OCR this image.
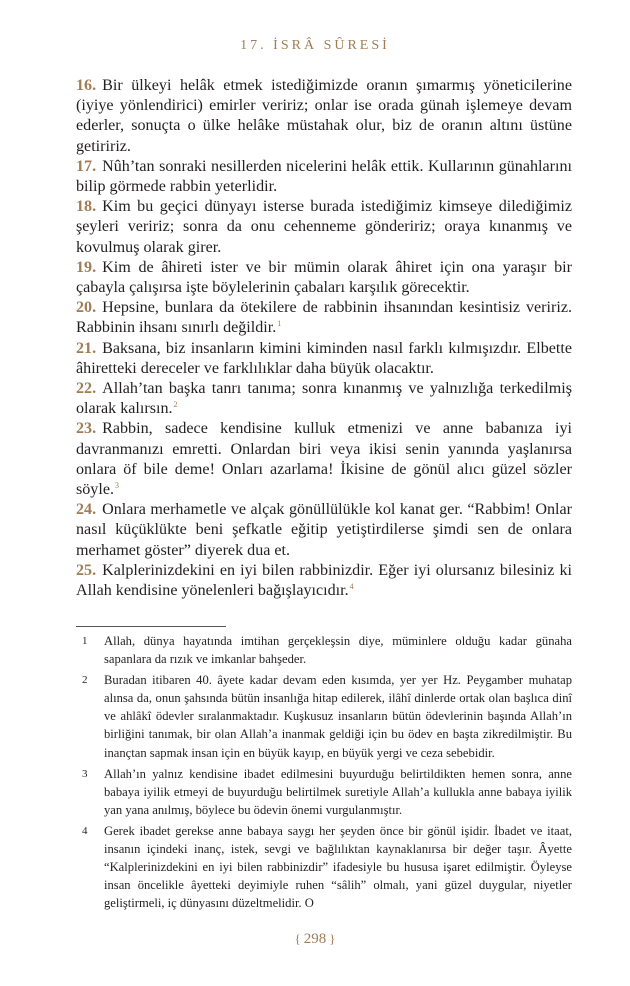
17. İSRÂ SÛRESİ
16. Bir ülkeyi helâk etmek istediğimizde oranın şımarmış yöneticilerine (iyiye yönlendirici) emirler veririz; onlar ise orada günah işlemeye devam ederler, sonuçta o ülke helâke müstahak olur, biz de oranın altını üstüne getiririz.
17. Nûh’tan sonraki nesillerden nicelerini helâk ettik. Kullarının günahlarını bilip görmede rabbin yeterlidir.
18. Kim bu geçici dünyayı isterse burada istediğimiz kimseye dilediğimiz şeyleri veririz; sonra da onu cehenneme göndeririz; oraya kınanmış ve kovulmuş olarak girer.
19. Kim de âhireti ister ve bir mümin olarak âhiret için ona yaraşır bir çabayla çalışırsa işte böylelerinin çabaları karşılık görecektir.
20. Hepsine, bunlara da ötekilere de rabbinin ihsanından kesintisiz veririz. Rabbinin ihsanı sınırlı değildir.$^1$
21. Baksana, biz insanların kimini kiminden nasıl farklı kılmışızdır. Elbette âhiretteki dereceler ve farklılıklar daha büyük olacaktır.
22. Allah’tan başka tanrı tanıma; sonra kınanmış ve yalnızlığa terkedilmiş olarak kalırsın.$^2$
23. Rabbin, sadece kendisine kulluk etmenizi ve anne babanıza iyi davranmanızı emretti. Onlardan biri veya ikisi senin yanında yaşlanırsa onlara öf bile deme! Onları azarlama! İkisine de gönül alıcı güzel sözler söyle.$^3$
24. Onlara merhametle ve alçak gönüllülükle kol kanat ger. “Rabbim! Onlar nasıl küçüklükte beni şefkatle eğitip yetiştirdilerse şimdi sen de onlara merhamet göster” diyerek dua et.
25. Kalplerinizdekini en iyi bilen rabbinizdir. Eğer iyi olursanız bilesiniz ki Allah kendisine yönelenleri bağışlayıcıdır.$^4$
1	Allah, dünya hayatında imtihan gerçekleşsin diye, müminlere olduğu kadar günaha sapanlara da rızık ve imkanlar bahşeder.
2	Buradan itibaren 40. âyete kadar devam eden kısımda, yer yer Hz. Peygamber muhatap alınsa da, onun şahsında bütün insanlığa hitap edilerek, ilâhî dinlerde ortak olan başlıca dinî ve ahlâkî ödevler sıralanmaktadır. Kuşkusuz insanların bütün ödevlerinin başında Allah’ın birliğini tanımak, bir olan Allah’a inanmak geldiği için bu ödev en başta zikredilmiştir. Bu inançtan sapmak insan için en büyük kayıp, en büyük yergi ve ceza sebebidir.
3	Allah’ın yalnız kendisine ibadet edilmesini buyurduğu belirtildikten hemen sonra, anne babaya iyilik etmeyi de buyurduğu belirtilmek suretiyle Allah’a kullukla anne babaya iyilik yan yana anılmış, böylece bu ödevin önemi vurgulanmıştır.
4	Gerek ibadet gerekse anne babaya saygı her şeyden önce bir gönül işidir. İbadet ve itaat, insanın içindeki inanç, istek, sevgi ve bağlılıktan kaynaklanırsa bir değer taşır. Âyette “Kalplerinizdekini en iyi bilen rabbinizdir” ifadesiyle bu hususa işaret edilmiştir. Öyleyse insan öncelikle âyetteki deyimiyle ruhen “sâlih” olmalı, yani güzel duygular, niyetler geliştirmeli, iç dünyasını düzeltmelidir. O
{ 298 }
